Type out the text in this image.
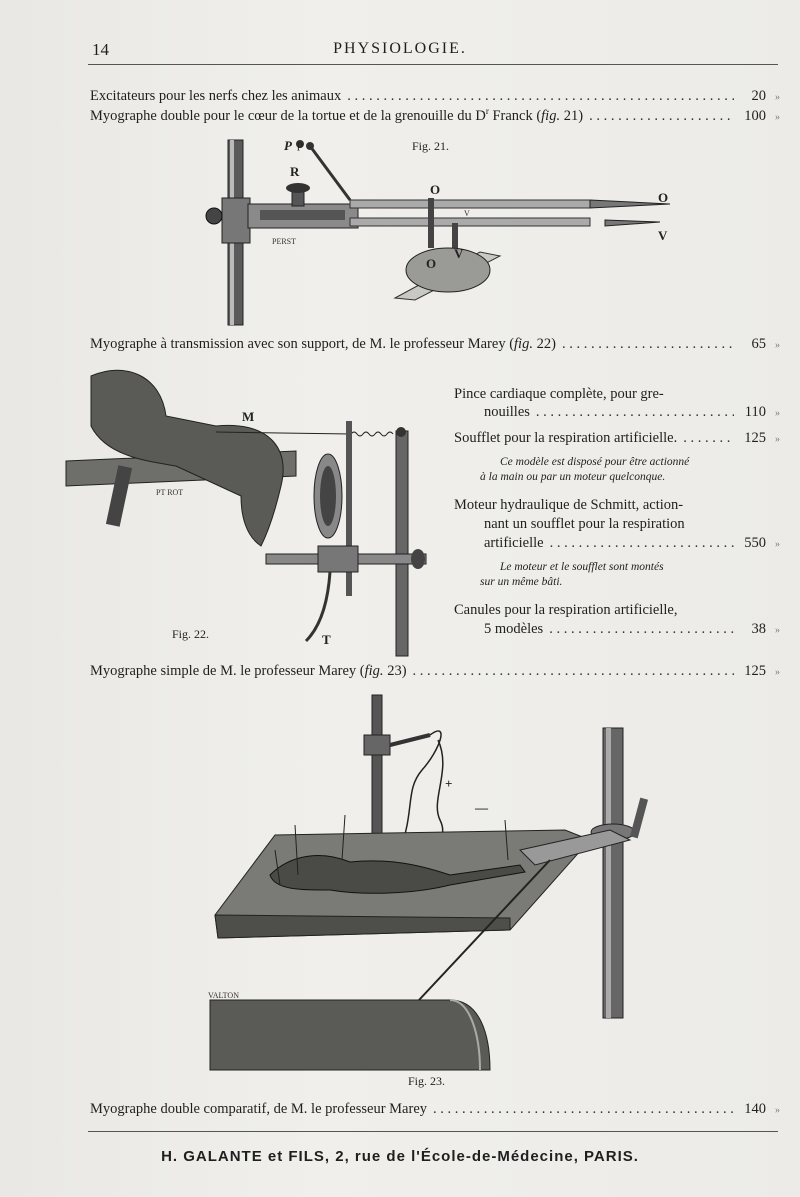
14	PHYSIOLOGIE.
Excitateurs pour les nerfs chez les animaux . . .	20 »
Myographe double pour le cœur de la tortue et de la grenouille du $D^r$ Franck (fig. 21) . . .	100 »
p
P
R
O
O
V
V
V
O
PERST
Fig. 21.
Myographe à transmission avec son support, de M. le professeur Marey (fig. 22) . . .	65 »
M
T
PT ROT
Fig. 22.
Pince cardiaque complète, pour gre-
nouilles . . .	110 »
Soufflet pour la respiration artificielle. . . .	125 »
Ce modèle est disposé pour être actionné
à la main ou par un moteur quelconque.
Moteur hydraulique de Schmitt, action-
nant un soufflet pour la respiration
artificielle . . .	550 »
Le moteur et le soufflet sont montés
sur un même bâti.
Canules pour la respiration artificielle,
5 modèles . . .	38 »
Myographe simple de M. le professeur Marey (fig. 23) . . .	125 »
+
—
VALTON
Fig. 23.
Myographe double comparatif, de M. le professeur Marey . . .	140 »
H. GALANTE et FILS, 2, rue de l'École-de-Médecine, PARIS.
